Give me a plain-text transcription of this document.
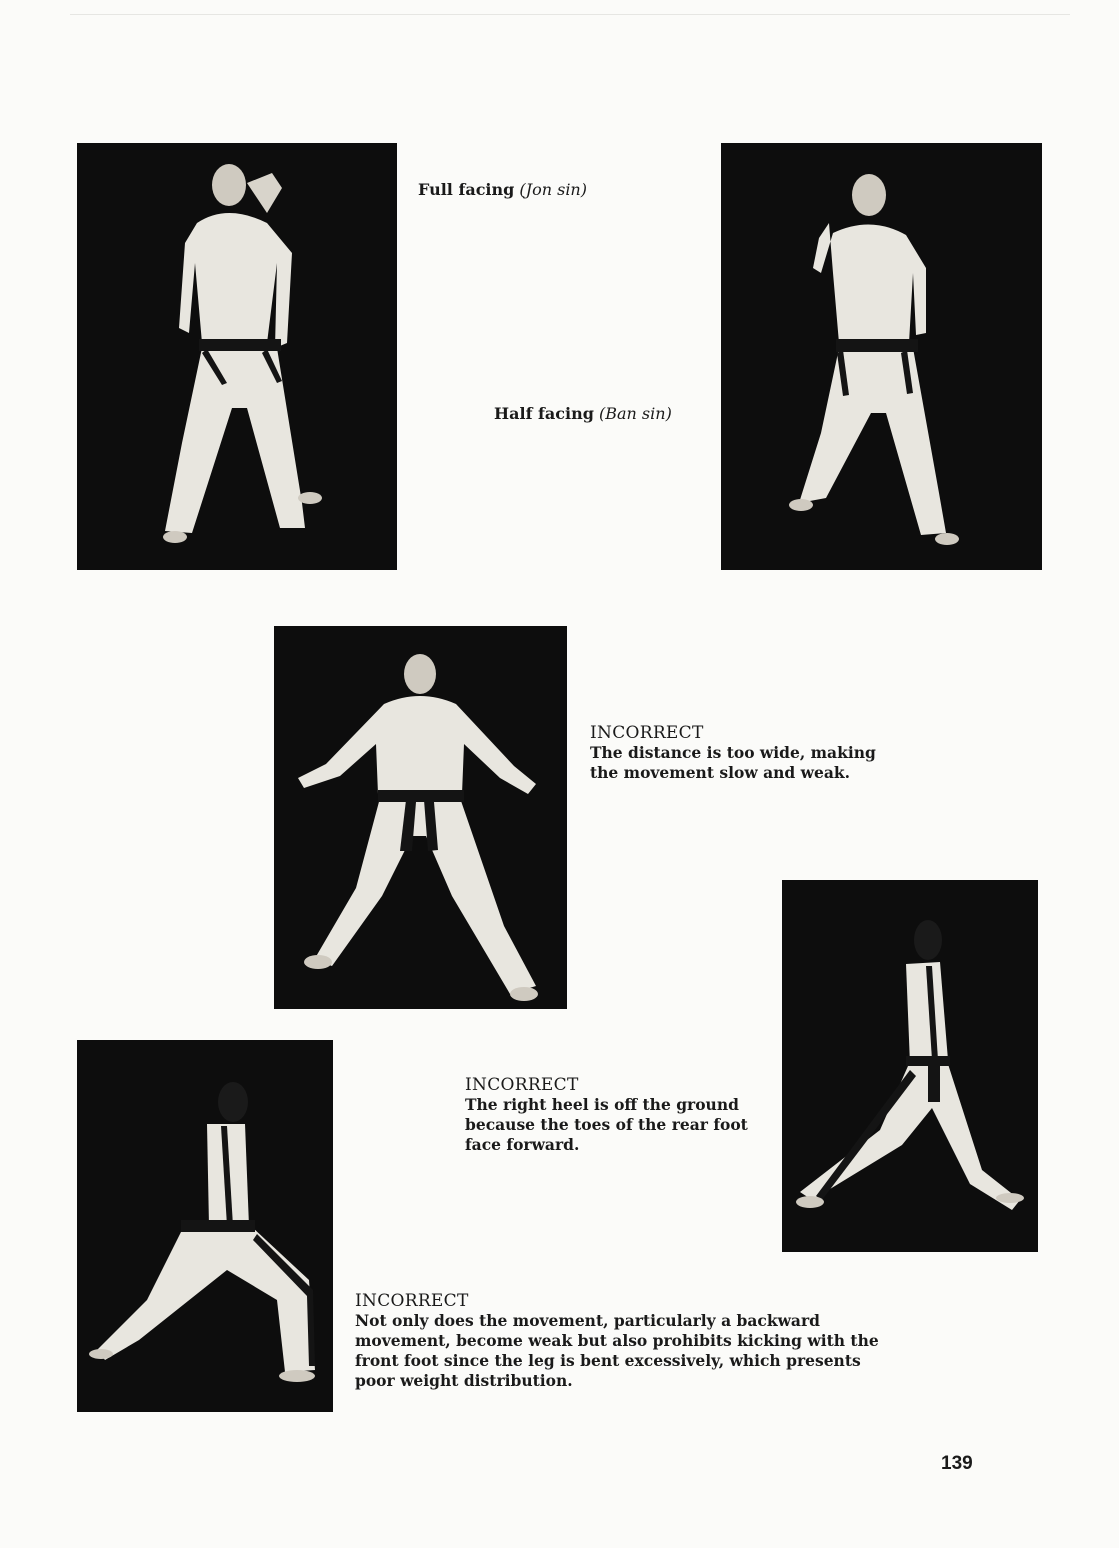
Full facing (Jon sin)
Half facing (Ban sin)
INCORRECT
The distance is too wide, making
the movement slow and weak.
INCORRECT
The right heel is off the ground
because the toes of the rear foot
face forward.
INCORRECT
Not only does the movement, particularly a backward
movement, become weak but also prohibits kicking with the
front foot since the leg is bent excessively, which presents
poor weight distribution.
139
